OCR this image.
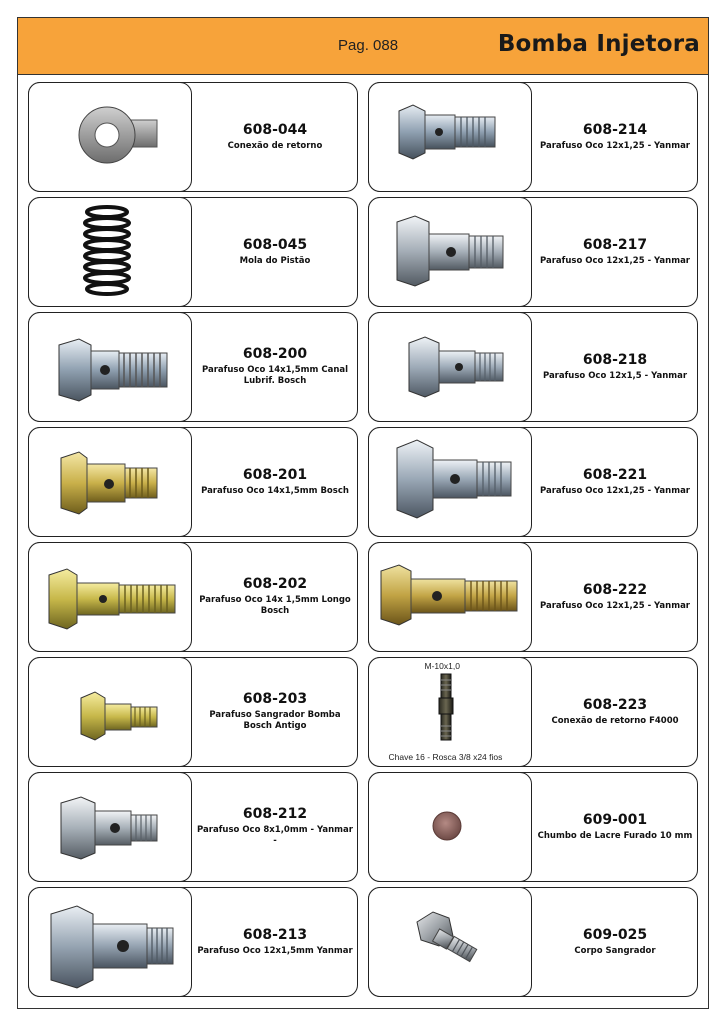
Pag. 088	Bomba Injetora
608-044
Conexão de retorno
608-045
Mola do Pistão
608-200
Parafuso Oco 14x1,5mm Canal Lubrif. Bosch
608-201
Parafuso Oco 14x1,5mm Bosch
608-202
Parafuso Oco 14x 1,5mm Longo Bosch
608-203
Parafuso Sangrador Bomba Bosch Antigo
608-212
Parafuso Oco 8x1,0mm - Yanmar -
608-213
Parafuso Oco 12x1,5mm Yanmar
608-214
Parafuso Oco 12x1,25 - Yanmar
608-217
Parafuso Oco 12x1,25 - Yanmar
608-218
Parafuso Oco 12x1,5 - Yanmar
608-221
Parafuso Oco 12x1,25 - Yanmar
608-222
Parafuso Oco 12x1,25 - Yanmar
M-10x1,0
Chave 16 - Rosca 3/8 x24 fios
608-223
Conexão de retorno F4000
609-001
Chumbo de Lacre Furado 10 mm
609-025
Corpo Sangrador
